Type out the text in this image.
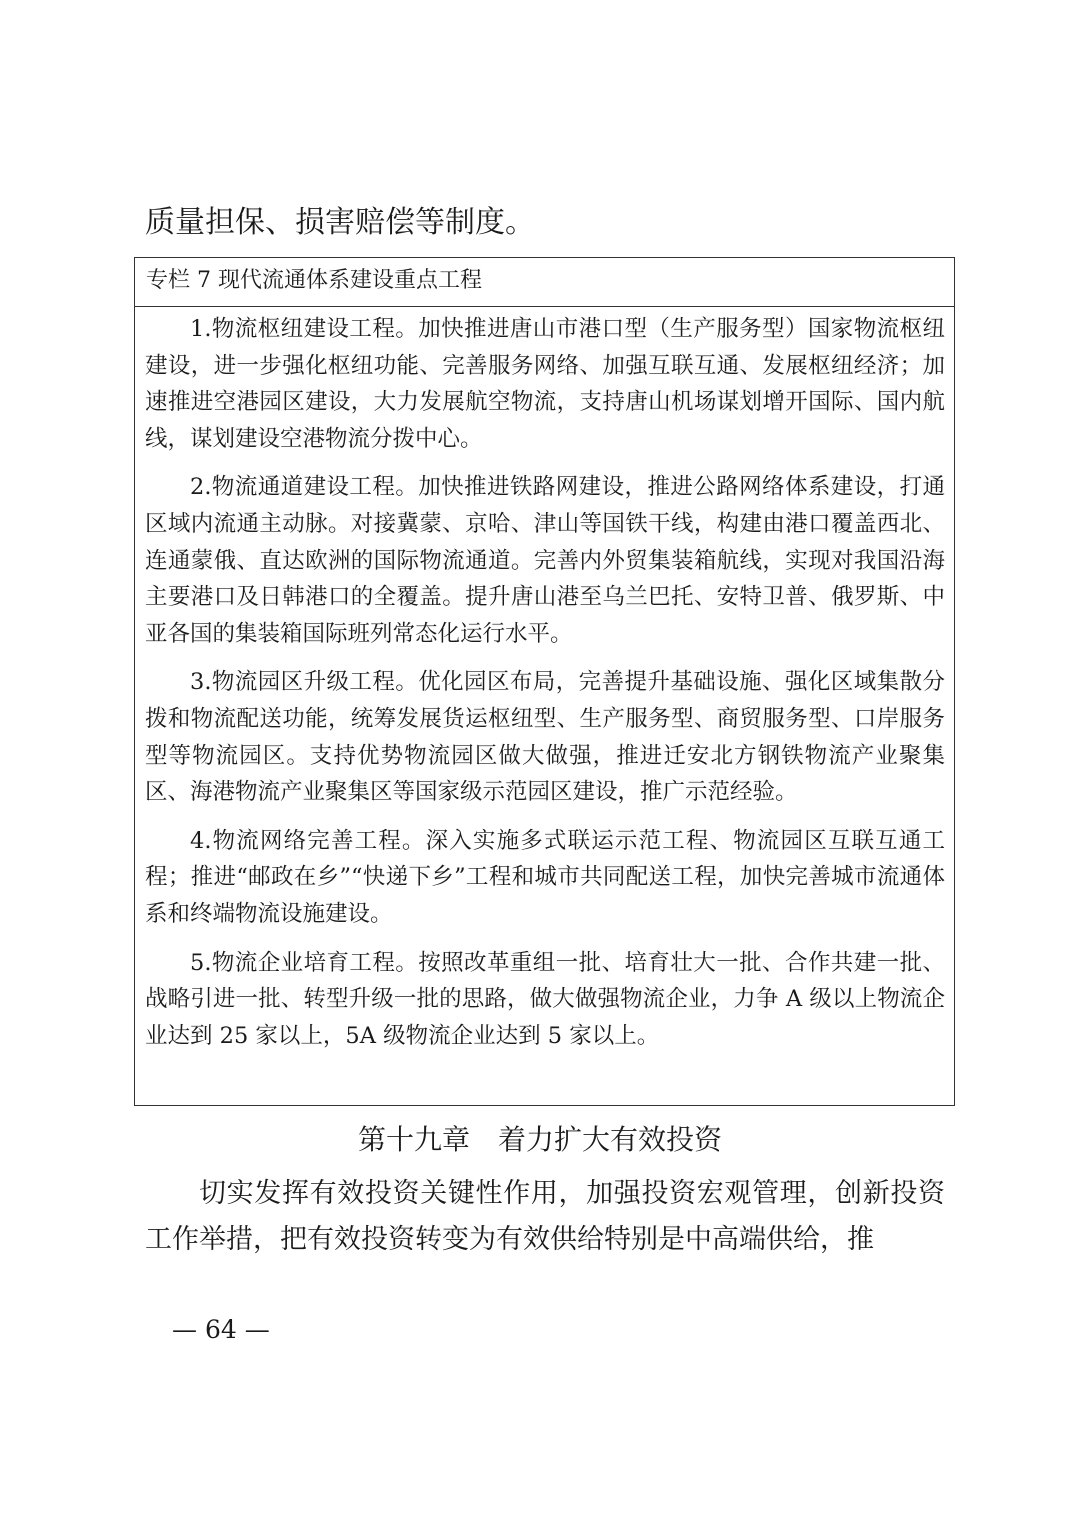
质量担保、损害赔偿等制度。
专栏 7 现代流通体系建设重点工程

1.物流枢纽建设工程。加快推进唐山市港口型（生产服务型）国家物流枢纽建设，进一步强化枢纽功能、完善服务网络、加强互联互通、发展枢纽经济；加速推进空港园区建设，大力发展航空物流，支持唐山机场谋划增开国际、国内航线，谋划建设空港物流分拨中心。

2.物流通道建设工程。加快推进铁路网建设，推进公路网络体系建设，打通区域内流通主动脉。对接冀蒙、京哈、津山等国铁干线，构建由港口覆盖西北、连通蒙俄、直达欧洲的国际物流通道。完善内外贸集装箱航线，实现对我国沿海主要港口及日韩港口的全覆盖。提升唐山港至乌兰巴托、安特卫普、俄罗斯、中亚各国的集装箱国际班列常态化运行水平。

3.物流园区升级工程。优化园区布局，完善提升基础设施、强化区域集散分拨和物流配送功能，统筹发展货运枢纽型、生产服务型、商贸服务型、口岸服务型等物流园区。支持优势物流园区做大做强，推进迁安北方钢铁物流产业聚集区、海港物流产业聚集区等国家级示范园区建设，推广示范经验。

4.物流网络完善工程。深入实施多式联运示范工程、物流园区互联互通工程；推进“邮政在乡”“快递下乡”工程和城市共同配送工程，加快完善城市流通体系和终端物流设施建设。

5.物流企业培育工程。按照改革重组一批、培育壮大一批、合作共建一批、战略引进一批、转型升级一批的思路，做大做强物流企业，力争 A 级以上物流企业达到 25 家以上，5A 级物流企业达到 5 家以上。

第十九章　着力扩大有效投资

切实发挥有效投资关键性作用，加强投资宏观管理，创新投资工作举措，把有效投资转变为有效供给特别是中高端供给，推

— 64 —
